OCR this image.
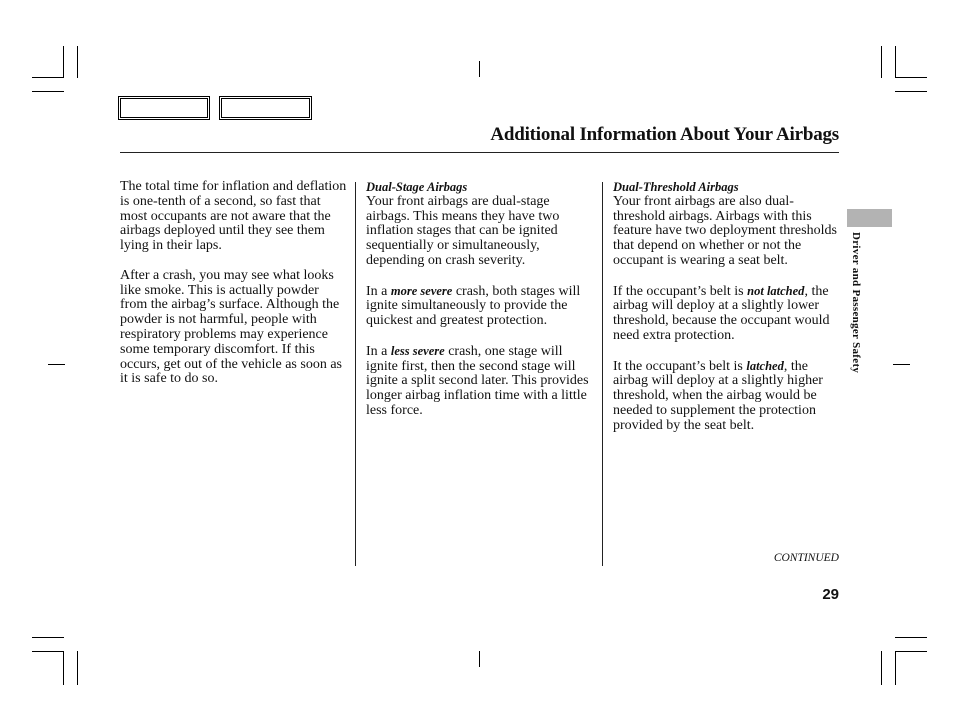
Additional Information About Your Airbags

The total time for inflation and deflation is one-tenth of a second, so fast that most occupants are not aware that the airbags deployed until they see them lying in their laps.

After a crash, you may see what looks like smoke. This is actually powder from the airbag’s surface. Although the powder is not harmful, people with respiratory problems may experience some temporary discomfort. If this occurs, get out of the vehicle as soon as it is safe to do so.

Dual-Stage Airbags

Your front airbags are dual-stage airbags. This means they have two inflation stages that can be ignited sequentially or simultaneously, depending on crash severity.

In a more severe crash, both stages will ignite simultaneously to provide the quickest and greatest protection.

In a less severe crash, one stage will ignite first, then the second stage will ignite a split second later. This provides longer airbag inflation time with a little less force.

Dual-Threshold Airbags

Your front airbags are also dual-threshold airbags. Airbags with this feature have two deployment thresholds that depend on whether or not the occupant is wearing a seat belt.

If the occupant’s belt is not latched, the airbag will deploy at a slightly lower threshold, because the occupant would need extra protection.

It the occupant’s belt is latched, the airbag will deploy at a slightly higher threshold, when the airbag would be needed to supplement the protection provided by the seat belt.

Driver and Passenger Safety
CONTINUED
29
